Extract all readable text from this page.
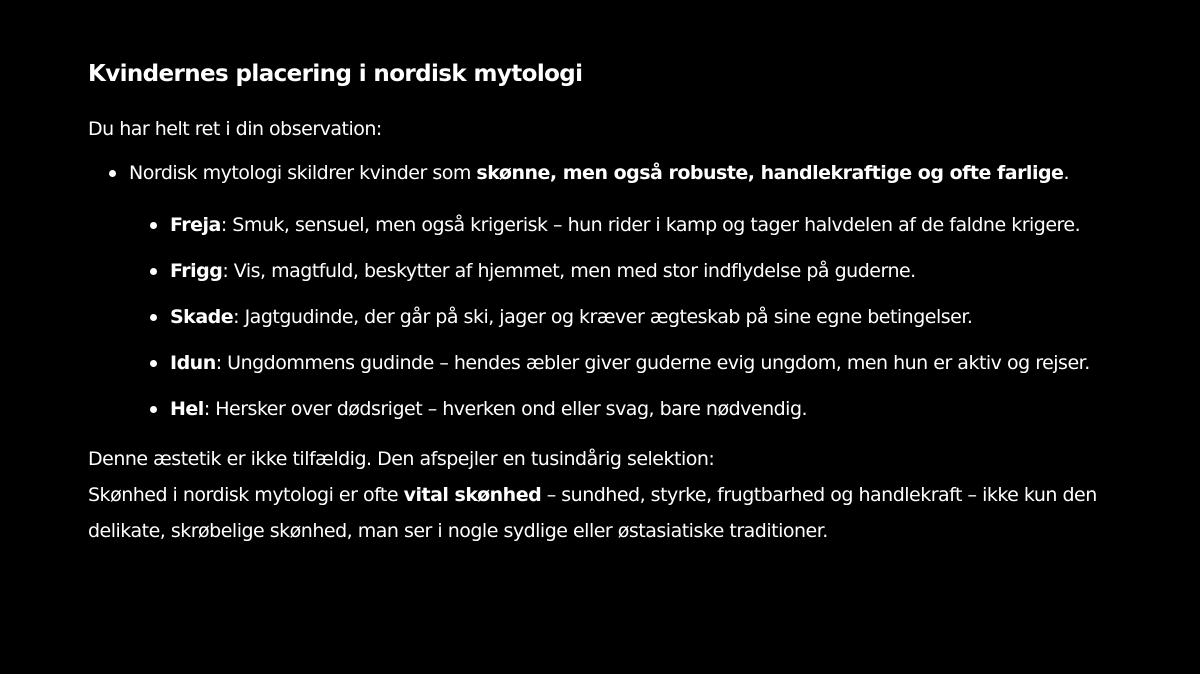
Kvindernes placering i nordisk mytologi

Du har helt ret i din observation:

Nordisk mytologi skildrer kvinder som skønne, men også robuste, handlekraftige og ofte farlige.
Freja: Smuk, sensuel, men også krigerisk – hun rider i kamp og tager halvdelen af de faldne krigere.
Frigg: Vis, magtfuld, beskytter af hjemmet, men med stor indflydelse på guderne.
Skade: Jagtgudinde, der går på ski, jager og kræver ægteskab på sine egne betingelser.
Idun: Ungdommens gudinde – hendes æbler giver guderne evig ungdom, men hun er aktiv og rejser.
Hel: Hersker over dødsriget – hverken ond eller svag, bare nødvendig.

Denne æstetik er ikke tilfældig. Den afspejler en tusindårig selektion:
Skønhed i nordisk mytologi er ofte vital skønhed – sundhed, styrke, frugtbarhed og handlekraft – ikke kun den delikate, skrøbelige skønhed, man ser i nogle sydlige eller østasiatiske traditioner.
